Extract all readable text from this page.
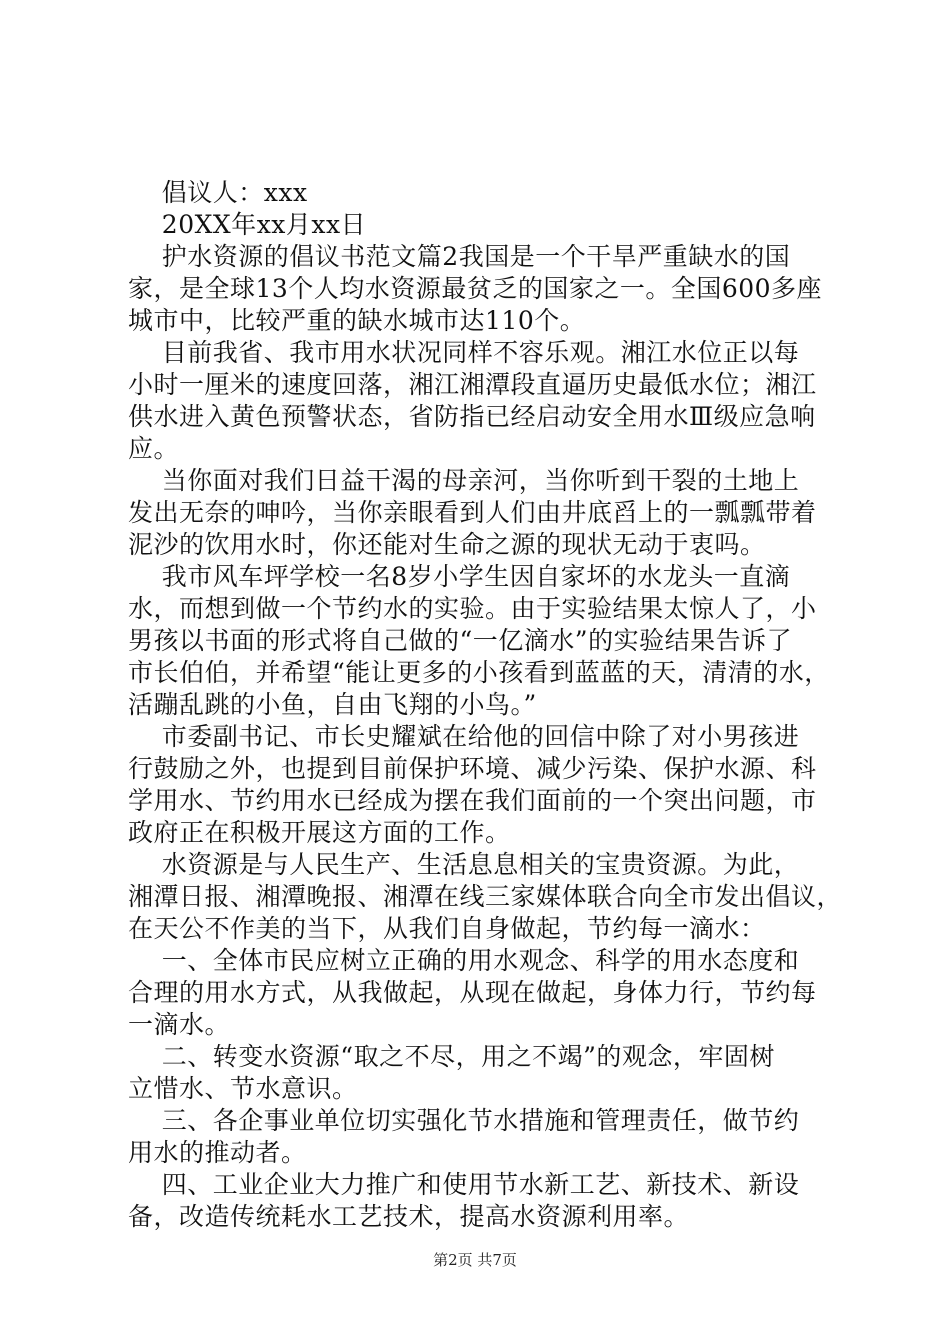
倡议人：xxx
20XX年xx月xx日
护水资源的倡议书范文篇2我国是一个干旱严重缺水的国
家，是全球13个人均水资源最贫乏的国家之一。全国600多座
城市中，比较严重的缺水城市达110个。
目前我省、我市用水状况同样不容乐观。湘江水位正以每
小时一厘米的速度回落，湘江湘潭段直逼历史最低水位；湘江
供水进入黄色预警状态，省防指已经启动安全用水Ⅲ级应急响
应。
当你面对我们日益干渴的母亲河，当你听到干裂的土地上
发出无奈的呻吟，当你亲眼看到人们由井底舀上的一瓢瓢带着
泥沙的饮用水时，你还能对生命之源的现状无动于衷吗。
我市风车坪学校一名8岁小学生因自家坏的水龙头一直滴
水，而想到做一个节约水的实验。由于实验结果太惊人了，小
男孩以书面的形式将自己做的“一亿滴水”的实验结果告诉了
市长伯伯，并希望“能让更多的小孩看到蓝蓝的天，清清的水，
活蹦乱跳的小鱼，自由飞翔的小鸟。”
市委副书记、市长史耀斌在给他的回信中除了对小男孩进
行鼓励之外，也提到目前保护环境、减少污染、保护水源、科
学用水、节约用水已经成为摆在我们面前的一个突出问题，市
政府正在积极开展这方面的工作。
水资源是与人民生产、生活息息相关的宝贵资源。为此，
湘潭日报、湘潭晚报、湘潭在线三家媒体联合向全市发出倡议，
在天公不作美的当下，从我们自身做起，节约每一滴水：
一、全体市民应树立正确的用水观念、科学的用水态度和
合理的用水方式，从我做起，从现在做起，身体力行，节约每
一滴水。
二、转变水资源“取之不尽，用之不竭”的观念，牢固树
立惜水、节水意识。
三、各企事业单位切实强化节水措施和管理责任，做节约
用水的推动者。
四、工业企业大力推广和使用节水新工艺、新技术、新设
备，改造传统耗水工艺技术，提高水资源利用率。
第2页 共7页
